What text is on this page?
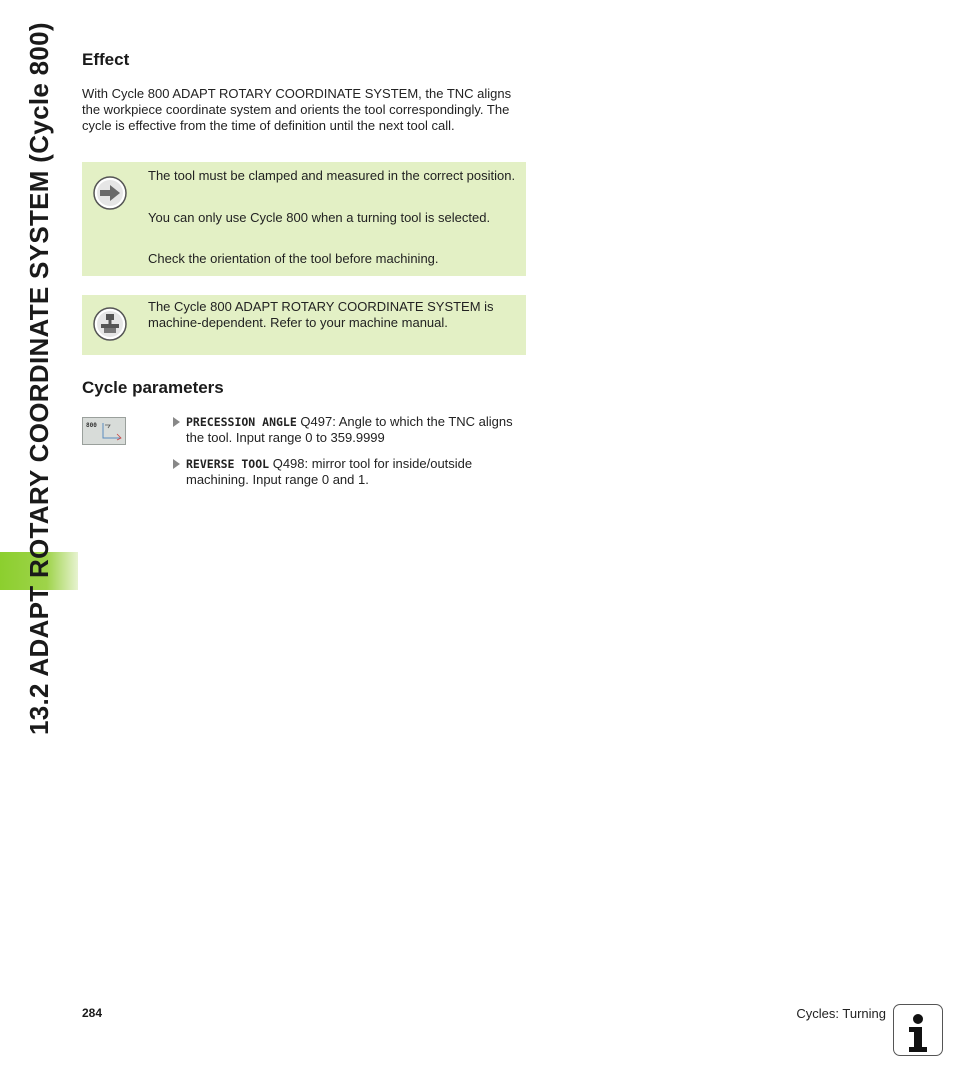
13.2 ADAPT ROTARY COORDINATE SYSTEM (Cycle 800) Effect

With Cycle 800 ADAPT ROTARY COORDINATE SYSTEM, the TNC aligns the workpiece coordinate system and orients the tool correspondingly. The cycle is effective from the time of definition until the next tool call.

The tool must be clamped and measured in the correct position.

You can only use Cycle 800 when a turning tool is selected.

Check the orientation of the tool before machining.

The Cycle 800 ADAPT ROTARY COORDINATE SYSTEM is machine-dependent. Refer to your machine manual.

Cycle parameters
800	PRECESSION ANGLE Q497: Angle to which the TNC aligns the tool. Input range 0 to 359.9999
REVERSE TOOL Q498: mirror tool for inside/outside machining. Input range 0 and 1.
284	Cycles: Turning
